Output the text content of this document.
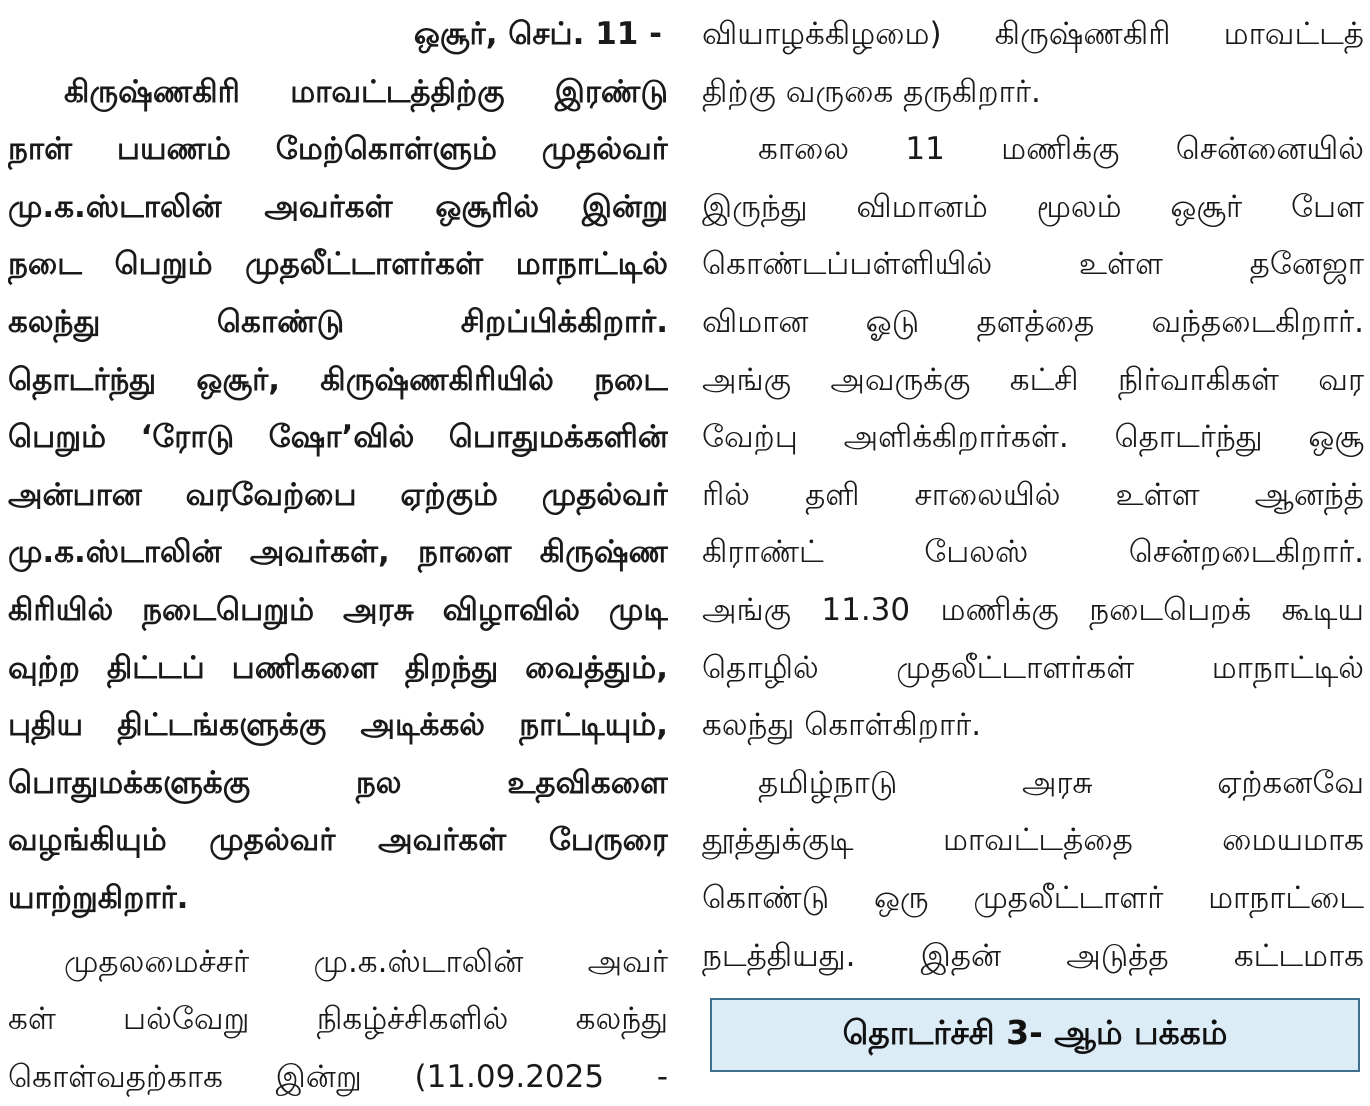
ஒசூர், செப். 11 -
கிருஷ்ணகிரி மாவட்டத்திற்கு இரண்டு
நாள் பயணம் மேற்கொள்ளும் முதல்வர்
மு.க.ஸ்டாலின் அவர்கள் ஒசூரில் இன்று
நடை பெறும் முதலீட்டாளர்கள் மாநாட்டில்
கலந்து கொண்டு சிறப்பிக்கிறார்.
தொடர்ந்து ஒசூர், கிருஷ்ணகிரியில் நடை
பெறும் ‘ரோடு ஷோ’வில் பொதுமக்களின்
அன்பான வரவேற்பை ஏற்கும் முதல்வர்
மு.க.ஸ்டாலின் அவர்கள், நாளை கிருஷ்ண
கிரியில் நடைபெறும் அரசு விழாவில் முடி
வுற்ற திட்டப் பணிகளை திறந்து வைத்தும்,
புதிய திட்டங்களுக்கு அடிக்கல் நாட்டியும்,
பொதுமக்களுக்கு நல உதவிகளை
வழங்கியும் முதல்வர் அவர்கள் பேருரை
யாற்றுகிறார்.
முதலமைச்சர் மு.க.ஸ்டாலின் அவர்
கள் பல்வேறு நிகழ்ச்சிகளில் கலந்து
கொள்வதற்காக இன்று (11.09.2025 -
வியாழக்கிழமை) கிருஷ்ணகிரி மாவட்டத்
திற்கு வருகை தருகிறார்.
காலை 11 மணிக்கு சென்னையில்
இருந்து விமானம் மூலம் ஒசூர் பேள
கொண்டப்பள்ளியில் உள்ள தனேஜா
விமான ஓடு தளத்தை வந்தடைகிறார்.
அங்கு அவருக்கு கட்சி நிர்வாகிகள் வர
வேற்பு அளிக்கிறார்கள். தொடர்ந்து ஒசூ
ரில் தளி சாலையில் உள்ள ஆனந்த்
கிராண்ட் பேலஸ் சென்றடைகிறார்.
அங்கு 11.30 மணிக்கு நடைபெறக் கூடிய
தொழில் முதலீட்டாளர்கள் மாநாட்டில்
கலந்து கொள்கிறார்.
தமிழ்நாடு அரசு ஏற்கனவே
தூத்துக்குடி மாவட்டத்தை மையமாக
கொண்டு ஒரு முதலீட்டாளர் மாநாட்டை
நடத்தியது. இதன் அடுத்த கட்டமாக
தொடர்ச்சி 3- ஆம் பக்கம்
